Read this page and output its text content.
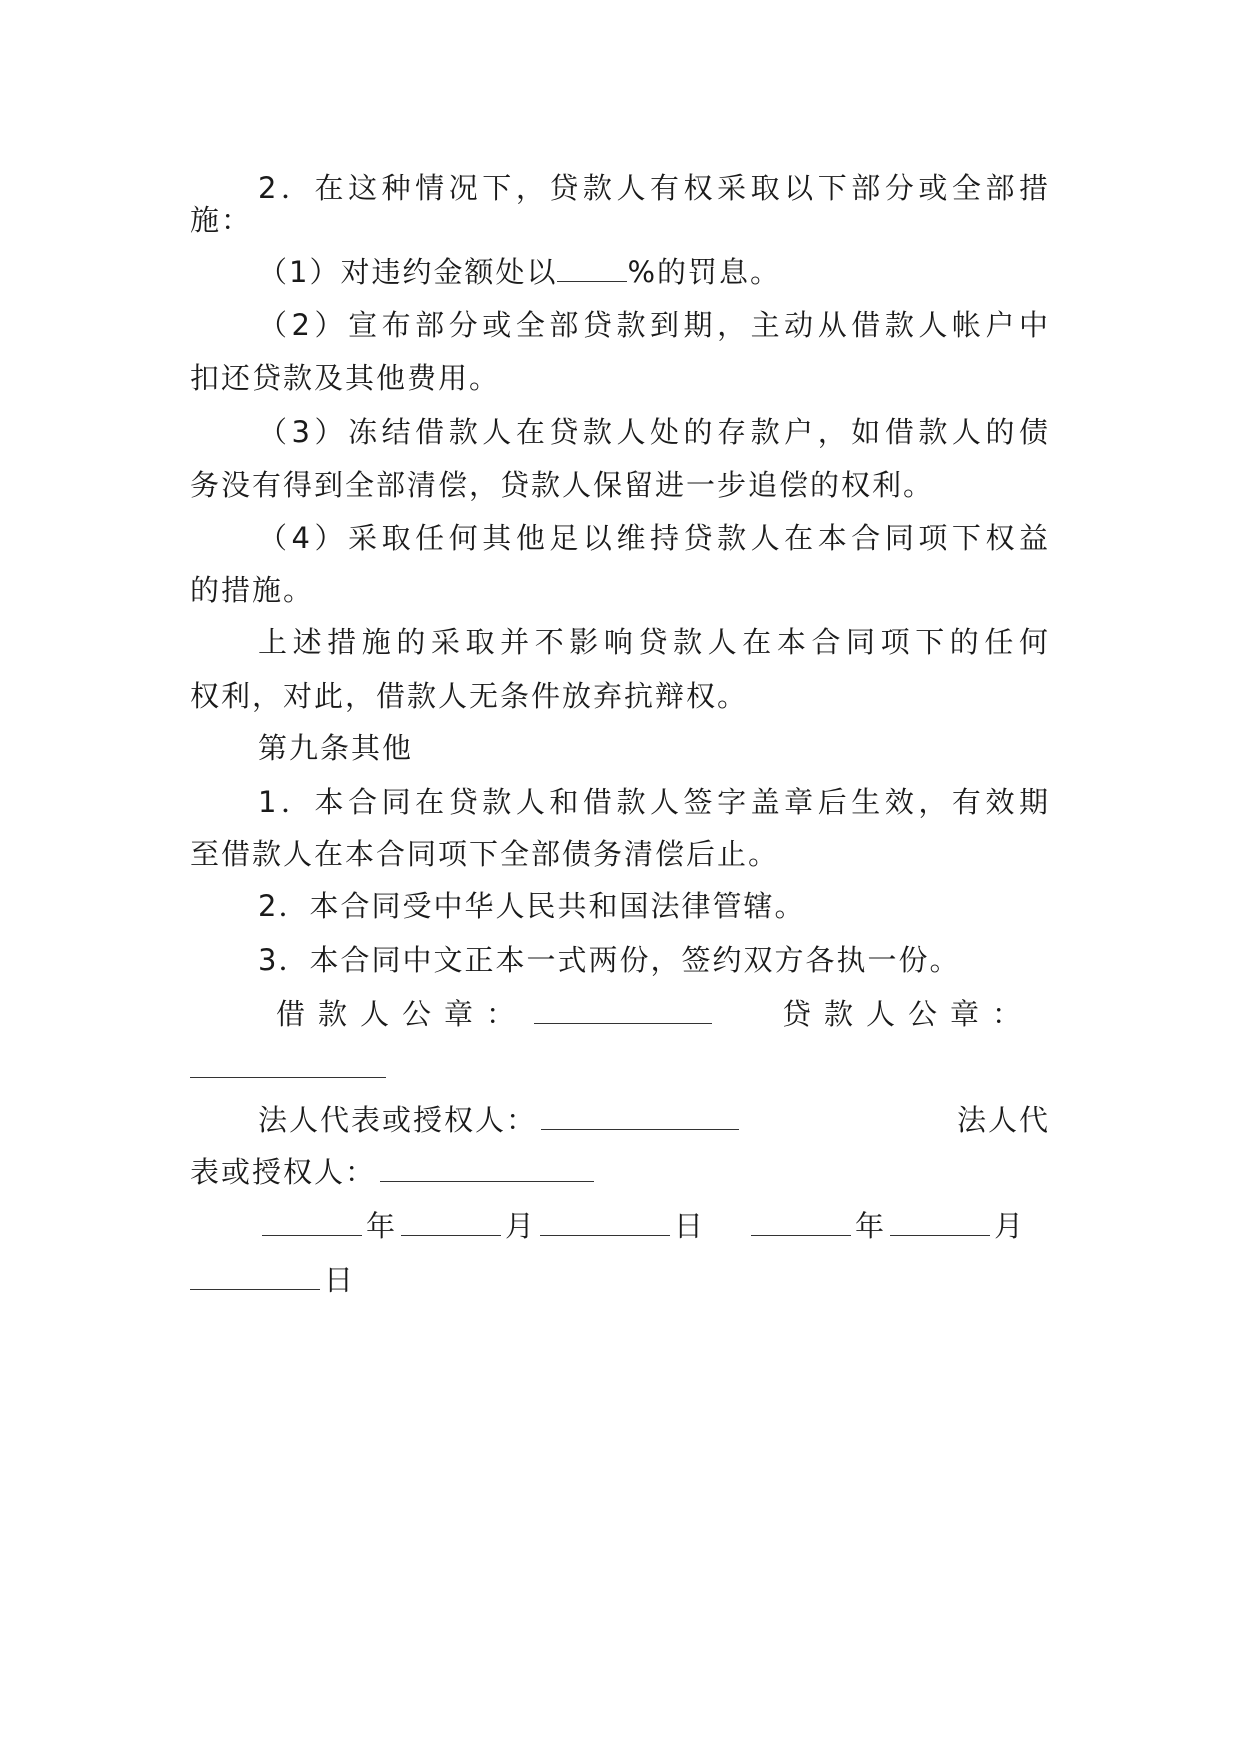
2．在这种情况下，贷款人有权采取以下部分或全部措
施：
（1）对违约金额处以 %的罚息。
（2）宣布部分或全部贷款到期，主动从借款人帐户中
扣还贷款及其他费用。
（3）冻结借款人在贷款人处的存款户，如借款人的债
务没有得到全部清偿，贷款人保留进一步追偿的权利。
（4）采取任何其他足以维持贷款人在本合同项下权益
的措施。
上述措施的采取并不影响贷款人在本合同项下的任何
权利，对此，借款人无条件放弃抗辩权。
第九条其他
1．本合同在贷款人和借款人签字盖章后生效，有效期
至借款人在本合同项下全部债务清偿后止。
2．本合同受中华人民共和国法律管辖。
3．本合同中文正本一式两份，签约双方各执一份。
借款人公章：	贷款人公章：
法人代表或授权人：	法人代
表或授权人：
年	月	日	年	月
日
